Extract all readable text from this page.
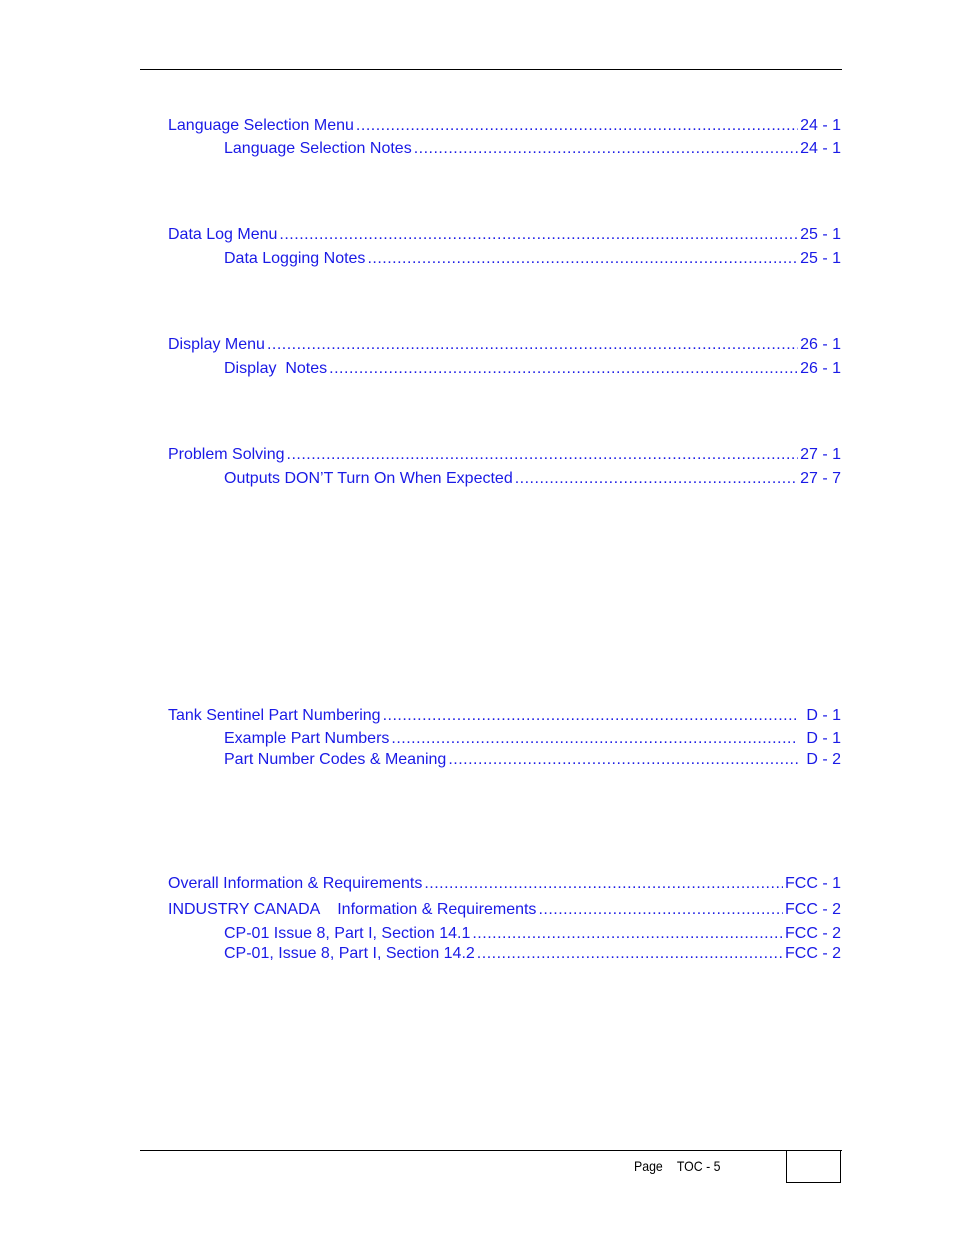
Language Selection Menu .....	24 - 1
Language Selection Notes .....	24 - 1
Data Log Menu .....	25 - 1
Data Logging Notes .....	25 - 1
Display Menu .....	26 - 1
Display  Notes .....	26 - 1
Problem Solving .....	27 - 1
Outputs DON’T Turn On When Expected .....	27 - 7
Tank Sentinel Part Numbering .....	D - 1
Example Part Numbers .....	D - 1
Part Number Codes & Meaning .....	D - 2
Overall Information & Requirements .....	FCC - 1
INDUSTRY CANADA    Information & Requirements .....	FCC - 2
CP-01 Issue 8, Part I, Section 14.1 .....	FCC - 2
CP-01, Issue 8, Part I, Section 14.2 .....	FCC - 2
Page TOC - 5
